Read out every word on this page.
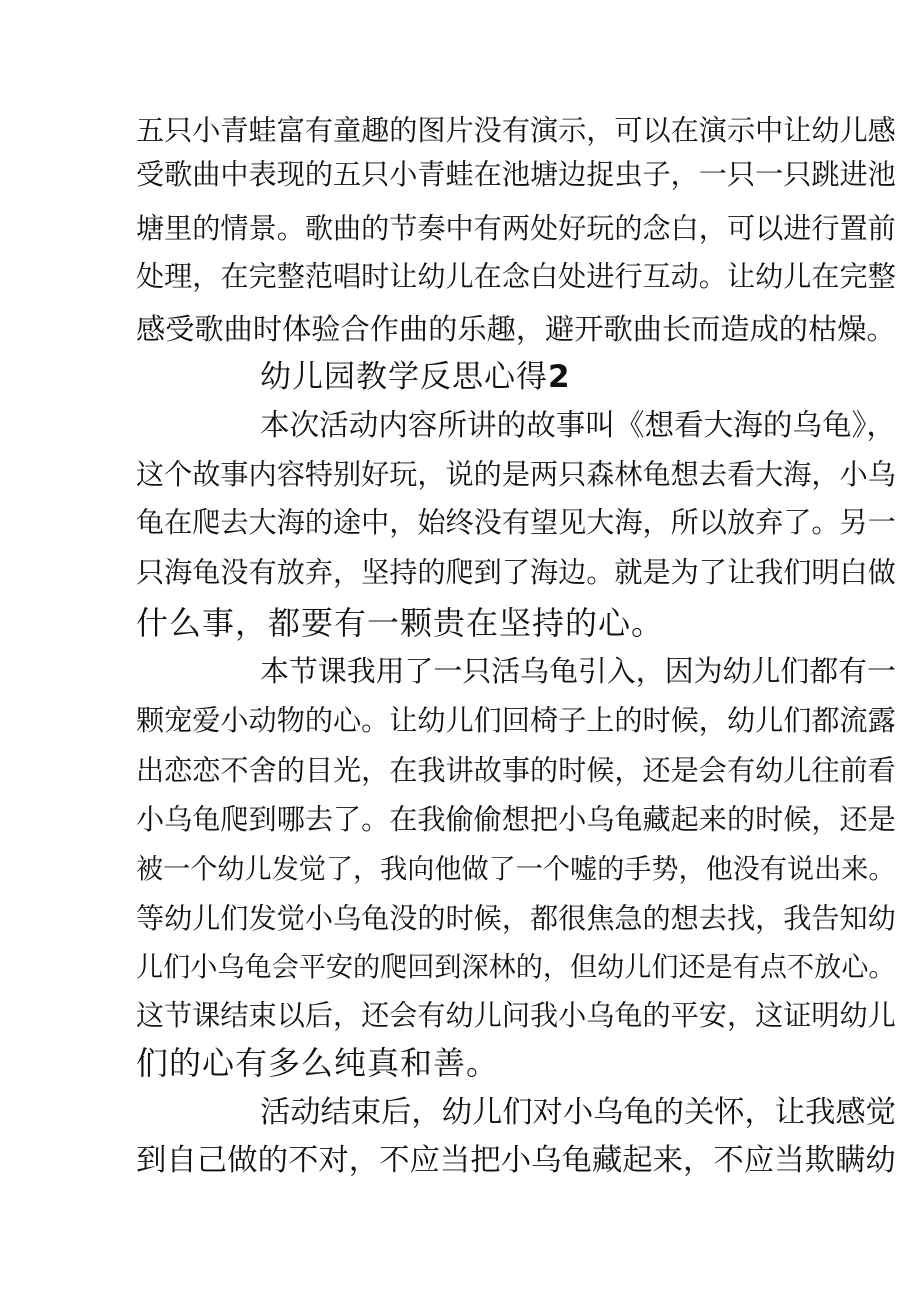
五只小青蛙富有童趣的图片没有演示，可以在演示中让幼儿感
受歌曲中表现的五只小青蛙在池塘边捉虫子，一只一只跳进池
塘里的情景。歌曲的节奏中有两处好玩的念白，可以进行置前
处理，在完整范唱时让幼儿在念白处进行互动。让幼儿在完整
感受歌曲时体验合作曲的乐趣，避开歌曲长而造成的枯燥。
幼儿园教学反思心得2
本次活动内容所讲的故事叫《想看大海的乌龟》，
这个故事内容特别好玩，说的是两只森林龟想去看大海，小乌
龟在爬去大海的途中，始终没有望见大海，所以放弃了。另一
只海龟没有放弃，坚持的爬到了海边。就是为了让我们明白做
什么事，都要有一颗贵在坚持的心。
本节课我用了一只活乌龟引入，因为幼儿们都有一
颗宠爱小动物的心。让幼儿们回椅子上的时候，幼儿们都流露
出恋恋不舍的目光，在我讲故事的时候，还是会有幼儿往前看
小乌龟爬到哪去了。在我偷偷想把小乌龟藏起来的时候，还是
被一个幼儿发觉了，我向他做了一个嘘的手势，他没有说出来。
等幼儿们发觉小乌龟没的时候，都很焦急的想去找，我告知幼
儿们小乌龟会平安的爬回到深林的，但幼儿们还是有点不放心。
这节课结束以后，还会有幼儿问我小乌龟的平安，这证明幼儿
们的心有多么纯真和善。
活动结束后，幼儿们对小乌龟的关怀，让我感觉
到自己做的不对，不应当把小乌龟藏起来，不应当欺瞒幼
